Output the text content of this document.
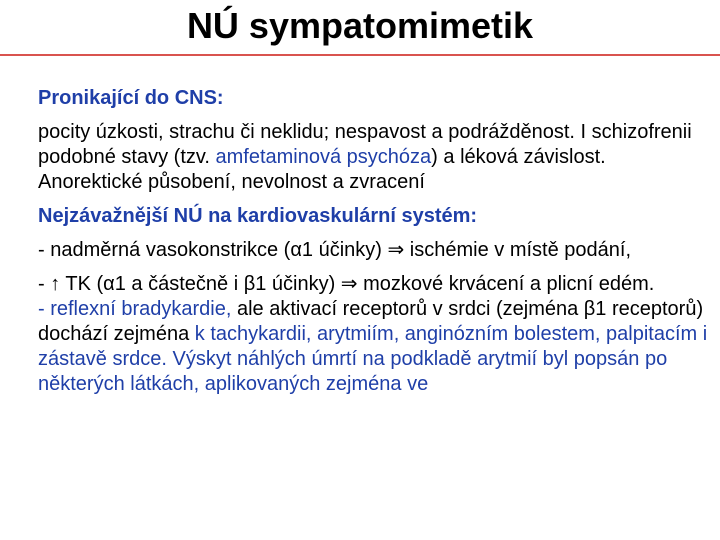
NÚ sympatomimetik

Pronikající do CNS:

pocity úzkosti, strachu či neklidu; nespavost a podrážděnost. I schizofrenii podobné stavy (tzv. amfetaminová psychóza) a léková závislost. Anorektické působení, nevolnost a zvracení

Nejzávažnější NÚ na kardiovaskulární systém:

- nadměrná vasokonstrikce (α1 účinky) ⇒ ischémie v místě podání,

- ↑ TK (α1 a částečně i β1 účinky) ⇒ mozkové krvácení a plicní edém.

- reflexní bradykardie, ale aktivací receptorů v srdci (zejména β1 receptorů) dochází zejména k tachykardii, arytmiím, anginózním bolestem, palpitacím i zástavě srdce. Výskyt náhlých úmrtí na podkladě arytmií byl popsán po některých látkách, aplikovaných zejména ve
